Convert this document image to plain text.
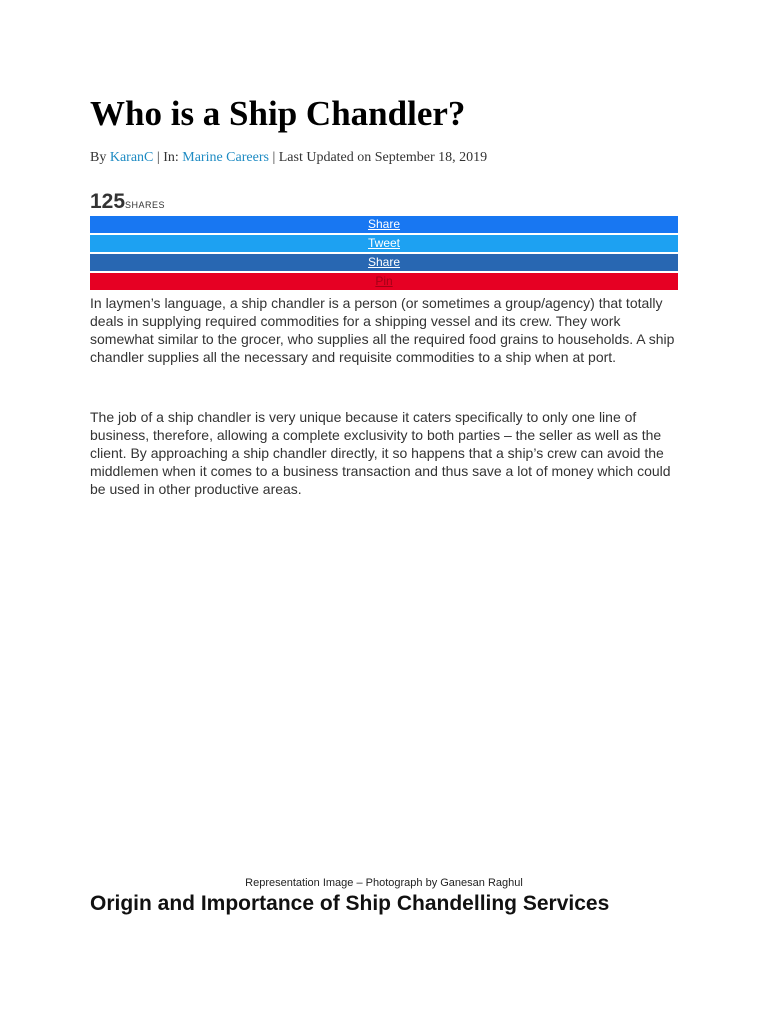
Who is a Ship Chandler?
By KaranC | In: Marine Careers | Last Updated on September 18, 2019
125SHARES
Share
Tweet
Share
Pin

In laymen’s language, a ship chandler is a person (or sometimes a group/agency) that totally deals in supplying required commodities for a shipping vessel and its crew. They work somewhat similar to the grocer, who supplies all the required food grains to households. A ship chandler supplies all the necessary and requisite commodities to a ship when at port.

The job of a ship chandler is very unique because it caters specifically to only one line of business, therefore, allowing a complete exclusivity to both parties – the seller as well as the client. By approaching a ship chandler directly, it so happens that a ship’s crew can avoid the middlemen when it comes to a business transaction and thus save a lot of money which could be used in other productive areas.

Representation Image – Photograph by Ganesan Raghul
Origin and Importance of Ship Chandelling Services
